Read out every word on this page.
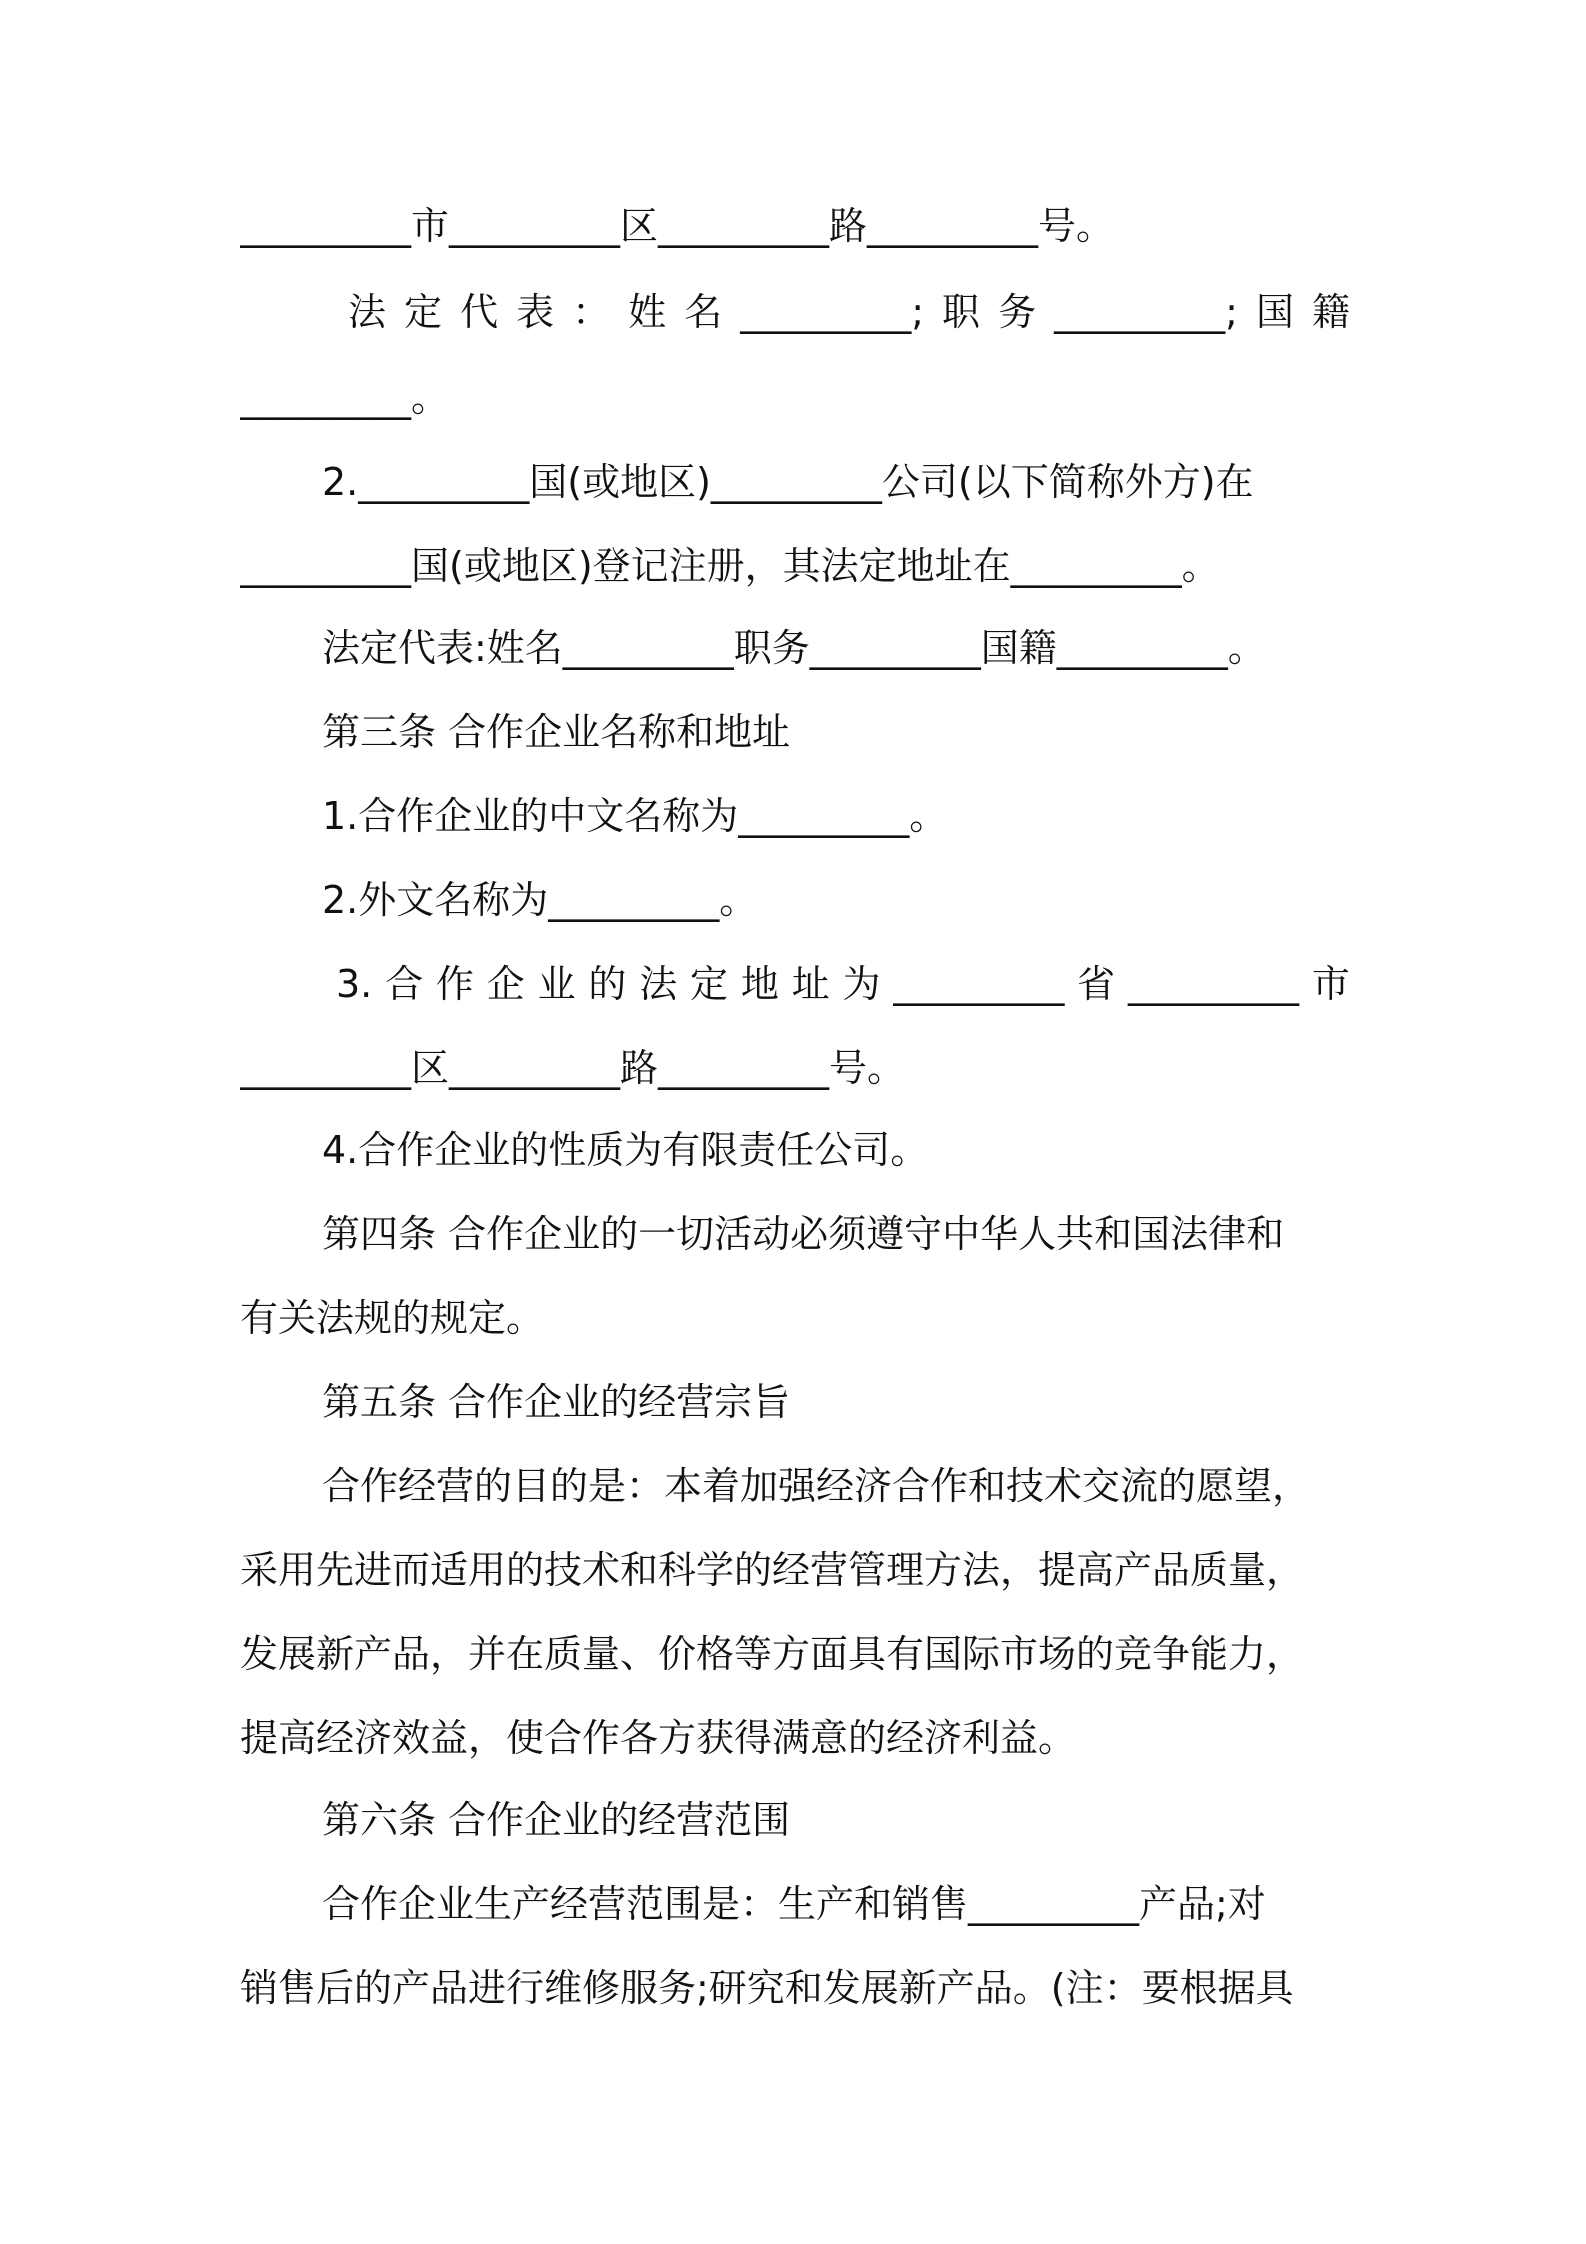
_________市_________区_________路_________号。
法 定 代 表 ： 姓 名 _________; 职 务 _________; 国 籍
_________。
2._________国(或地区)_________公司(以下简称外方)在
_________国(或地区)登记注册，其法定地址在_________。
法定代表:姓名_________职务_________国籍_________。
第三条 合作企业名称和地址
1.合作企业的中文名称为_________。
2.外文名称为_________。
3. 合 作 企 业 的 法 定 地 址 为 _________ 省 _________ 市
_________区_________路_________号。
4.合作企业的性质为有限责任公司。
第四条 合作企业的一切活动必须遵守中华人共和国法律和
有关法规的规定。
第五条 合作企业的经营宗旨
合作经营的目的是：本着加强经济合作和技术交流的愿望，
采用先进而适用的技术和科学的经营管理方法，提高产品质量，
发展新产品，并在质量、价格等方面具有国际市场的竞争能力，
提高经济效益，使合作各方获得满意的经济利益。
第六条 合作企业的经营范围
合作企业生产经营范围是：生产和销售_________产品;对
销售后的产品进行维修服务;研究和发展新产品。(注：要根据具
